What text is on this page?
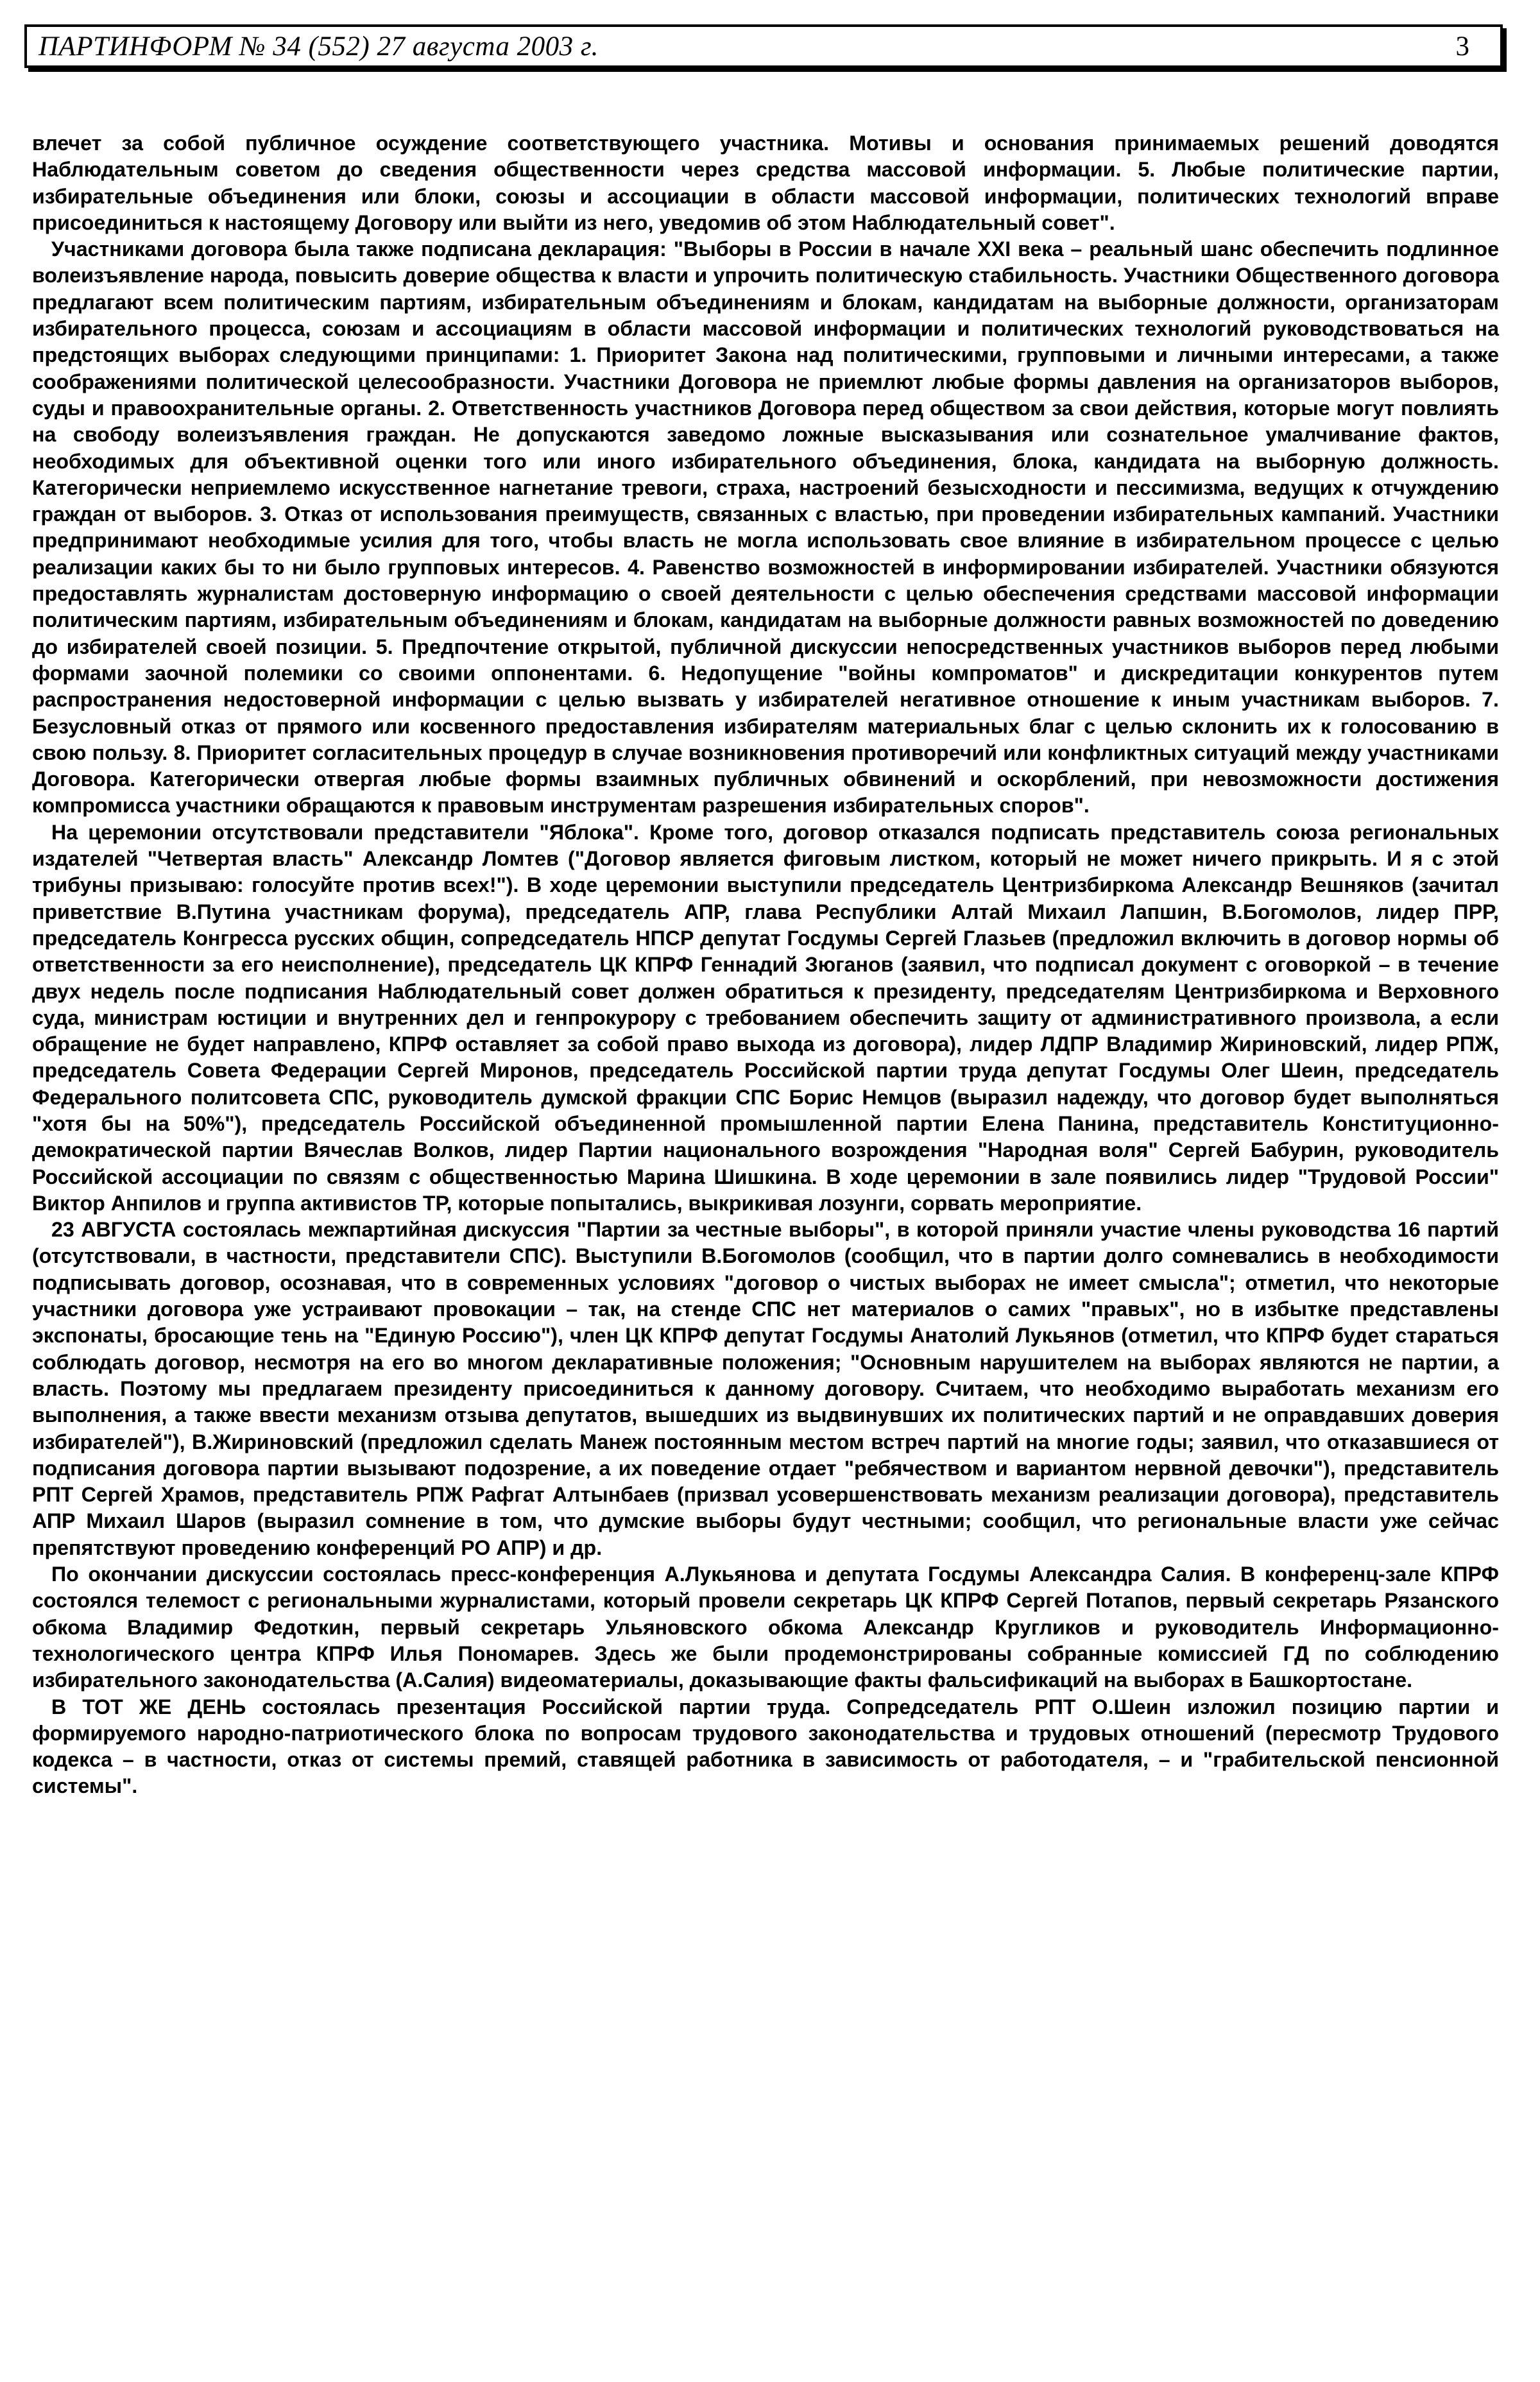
ПАРТИНФОРМ № 34 (552) 27 августа 2003 г.	3

влечет за собой публичное осуждение соответствующего участника. Мотивы и основания принимаемых решений доводятся Наблюдательным советом до сведения общественности через средства массовой информации. 5. Любые политические партии, избирательные объединения или блоки, союзы и ассоциации в области массовой информации, политических технологий вправе присоединиться к настоящему Договору или выйти из него, уведомив об этом Наблюдательный совет".

Участниками договора была также подписана декларация: "Выборы в России в начале XXI века – реальный шанс обеспечить подлинное волеизъявление народа, повысить доверие общества к власти и упрочить политическую стабильность. Участники Общественного договора предлагают всем политическим партиям, избирательным объединениям и блокам, кандидатам на выборные должности, организаторам избирательного процесса, союзам и ассоциациям в области массовой информации и политических технологий руководствоваться на предстоящих выборах следующими принципами: 1. Приоритет Закона над политическими, групповыми и личными интересами, а также соображениями политической целесообразности. Участники Договора не приемлют любые формы давления на организаторов выборов, суды и правоохранительные органы. 2. Ответственность участников Договора перед обществом за свои действия, которые могут повлиять на свободу волеизъявления граждан. Не допускаются заведомо ложные высказывания или сознательное умалчивание фактов, необходимых для объективной оценки того или иного избирательного объединения, блока, кандидата на выборную должность. Категорически неприемлемо искусственное нагнетание тревоги, страха, настроений безысходности и пессимизма, ведущих к отчуждению граждан от выборов. 3. Отказ от использования преимуществ, связанных с властью, при проведении избирательных кампаний. Участники предпринимают необходимые усилия для того, чтобы власть не могла использовать свое влияние в избирательном процессе с целью реализации каких бы то ни было групповых интересов. 4. Равенство возможностей в информировании избирателей. Участники обязуются предоставлять журналистам достоверную информацию о своей деятельности с целью обеспечения средствами массовой информации политическим партиям, избирательным объединениям и блокам, кандидатам на выборные должности равных возможностей по доведению до избирателей своей позиции. 5. Предпочтение открытой, публичной дискуссии непосредственных участников выборов перед любыми формами заочной полемики со своими оппонентами. 6. Недопущение "войны компроматов" и дискредитации конкурентов путем распространения недостоверной информации с целью вызвать у избирателей негативное отношение к иным участникам выборов. 7. Безусловный отказ от прямого или косвенного предоставления избирателям материальных благ с целью склонить их к голосованию в свою пользу. 8. Приоритет согласительных процедур в случае возникновения противоречий или конфликтных ситуаций между участниками Договора. Категорически отвергая любые формы взаимных публичных обвинений и оскорблений, при невозможности достижения компромисса участники обращаются к правовым инструментам разрешения избирательных споров".

На церемонии отсутствовали представители "Яблока". Кроме того, договор отказался подписать представитель союза региональных издателей "Четвертая власть" Александр Ломтев ("Договор является фиговым листком, который не может ничего прикрыть. И я с этой трибуны призываю: голосуйте против всех!"). В ходе церемонии выступили председатель Центризбиркома Александр Вешняков (зачитал приветствие В.Путина участникам форума), председатель АПР, глава Республики Алтай Михаил Лапшин, В.Богомолов, лидер ПРР, председатель Конгресса русских общин, сопредседатель НПСР депутат Госдумы Сергей Глазьев (предложил включить в договор нормы об ответственности за его неисполнение), председатель ЦК КПРФ Геннадий Зюганов (заявил, что подписал документ с оговоркой – в течение двух недель после подписания Наблюдательный совет должен обратиться к президенту, председателям Центризбиркома и Верховного суда, министрам юстиции и внутренних дел и генпрокурору с требованием обеспечить защиту от административного произвола, а если обращение не будет направлено, КПРФ оставляет за собой право выхода из договора), лидер ЛДПР Владимир Жириновский, лидер РПЖ, председатель Совета Федерации Сергей Миронов, председатель Российской партии труда депутат Госдумы Олег Шеин, председатель Федерального политсовета СПС, руководитель думской фракции СПС Борис Немцов (выразил надежду, что договор будет выполняться "хотя бы на 50%"), председатель Российской объединенной промышленной партии Елена Панина, представитель Конституционно-демократической партии Вячеслав Волков, лидер Партии национального возрождения "Народная воля" Сергей Бабурин, руководитель Российской ассоциации по связям с общественностью Марина Шишкина. В ходе церемонии в зале появились лидер "Трудовой России" Виктор Анпилов и группа активистов ТР, которые попытались, выкрикивая лозунги, сорвать мероприятие.

23 АВГУСТА состоялась межпартийная дискуссия "Партии за честные выборы", в которой приняли участие члены руководства 16 партий (отсутствовали, в частности, представители СПС). Выступили В.Богомолов (сообщил, что в партии долго сомневались в необходимости подписывать договор, осознавая, что в современных условиях "договор о чистых выборах не имеет смысла"; отметил, что некоторые участники договора уже устраивают провокации – так, на стенде СПС нет материалов о самих "правых", но в избытке представлены экспонаты, бросающие тень на "Единую Россию"), член ЦК КПРФ депутат Госдумы Анатолий Лукьянов (отметил, что КПРФ будет стараться соблюдать договор, несмотря на его во многом декларативные положения; "Основным нарушителем на выборах являются не партии, а власть. Поэтому мы предлагаем президенту присоединиться к данному договору. Считаем, что необходимо выработать механизм его выполнения, а также ввести механизм отзыва депутатов, вышедших из выдвинувших их политических партий и не оправдавших доверия избирателей"), В.Жириновский (предложил сделать Манеж постоянным местом встреч партий на многие годы; заявил, что отказавшиеся от подписания договора партии вызывают подозрение, а их поведение отдает "ребячеством и вариантом нервной девочки"), представитель РПТ Сергей Храмов, представитель РПЖ Рафгат Алтынбаев (призвал усовершенствовать механизм реализации договора), представитель АПР Михаил Шаров (выразил сомнение в том, что думские выборы будут честными; сообщил, что региональные власти уже сейчас препятствуют проведению конференций РО АПР) и др.

По окончании дискуссии состоялась пресс-конференция А.Лукьянова и депутата Госдумы Александра Салия. В конференц-зале КПРФ состоялся телемост с региональными журналистами, который провели секретарь ЦК КПРФ Сергей Потапов, первый секретарь Рязанского обкома Владимир Федоткин, первый секретарь Ульяновского обкома Александр Кругликов и руководитель Информационно-технологического центра КПРФ Илья Пономарев. Здесь же были продемонстрированы собранные комиссией ГД по соблюдению избирательного законодательства (А.Салия) видеоматериалы, доказывающие факты фальсификаций на выборах в Башкортостане.

В ТОТ ЖЕ ДЕНЬ состоялась презентация Российской партии труда. Сопредседатель РПТ О.Шеин изложил позицию партии и формируемого народно-патриотического блока по вопросам трудового законодательства и трудовых отношений (пересмотр Трудового кодекса – в частности, отказ от системы премий, ставящей работника в зависимость от работодателя, – и "грабительской пенсионной системы".
